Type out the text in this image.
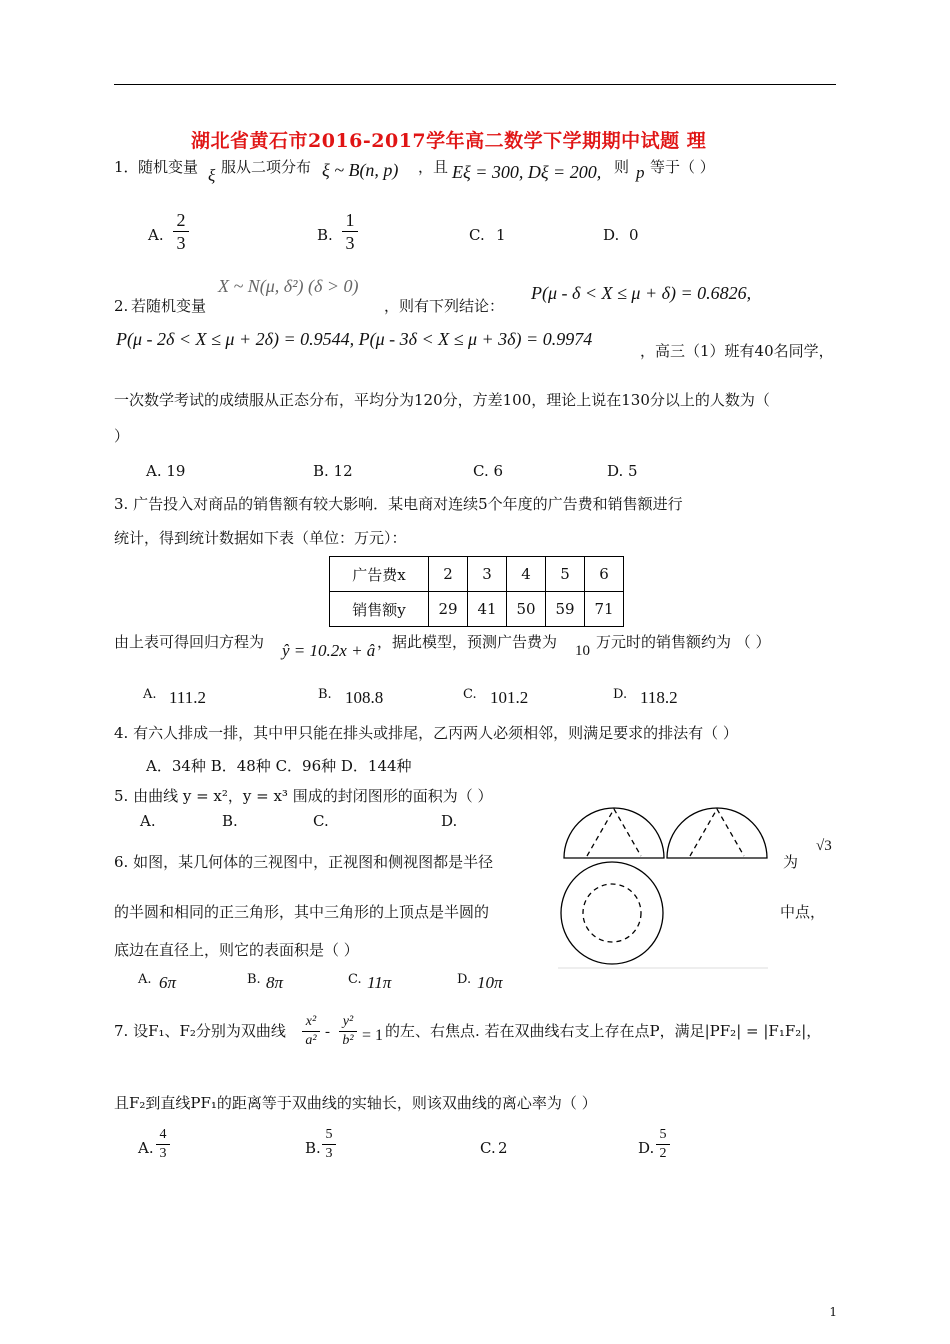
湖北省黄石市2016-2017学年高二数学下学期期中试题 理
1． 随机变量 ξ 服从二项分布 ξ ~ B(n, p) ，且 Eξ = 300, Dξ = 200, 则 p 等于（ ）
A.
2
3	B.
1
3	C. 1	D. 0
2. 若随机变量
X ~ N(μ, δ²) (δ > 0)
，则有下列结论：
P(μ - δ < X ≤ μ + δ) = 0.6826,
P(μ - 2δ < X ≤ μ + 2δ) = 0.9544, P(μ - 3δ < X ≤ μ + 3δ) = 0.9974
，高三（1）班有40名同学，
一次数学考试的成绩服从正态分布，平均分为120分，方差100，理论上说在130分以上的人数为（
）
A. 19	B. 12	C. 6	D. 5
3. 广告投入对商品的销售额有较大影响．某电商对连续5个年度的广告费和销售额进行
统计，得到统计数据如下表（单位：万元）：
广告费x	2	3	4	5	6
销售额y	29	41	50	59	71
由上表可得回归方程为 ŷ = 10.2x + â ，据此模型，预测广告费为 10 万元时的销售额约为 （ ）
A. 111.2	B. 108.8	C. 101.2	D. 118.2
4. 有六人排成一排，其中甲只能在排头或排尾，乙丙两人必须相邻，则满足要求的排法有（ ）
A．34种 B．48种 C．96种 D．144种
5. 由曲线 y = x²，y = x³ 围成的封闭图形的面积为（ ）
A.	B.	C.	D.
6. 如图，某几何体的三视图中，正视图和侧视图都是半径	为
√3
的半圆和相同的正三角形，其中三角形的上顶点是半圆的	中点，
底边在直径上，则它的表面积是（ ）
A. 6π	B. 8π	C. 11π	D. 10π
7. 设F₁、F₂分别为双曲线
x²
a²
-
y²
b² = 1 的左、右焦点. 若在双曲线右支上存在点P，满足|PF₂| = |F₁F₂|，
且F₂到直线PF₁的距离等于双曲线的实轴长，则该双曲线的离心率为（ ）
A.
4
3	B.
5
3	C. 2	D.
5
2
1
